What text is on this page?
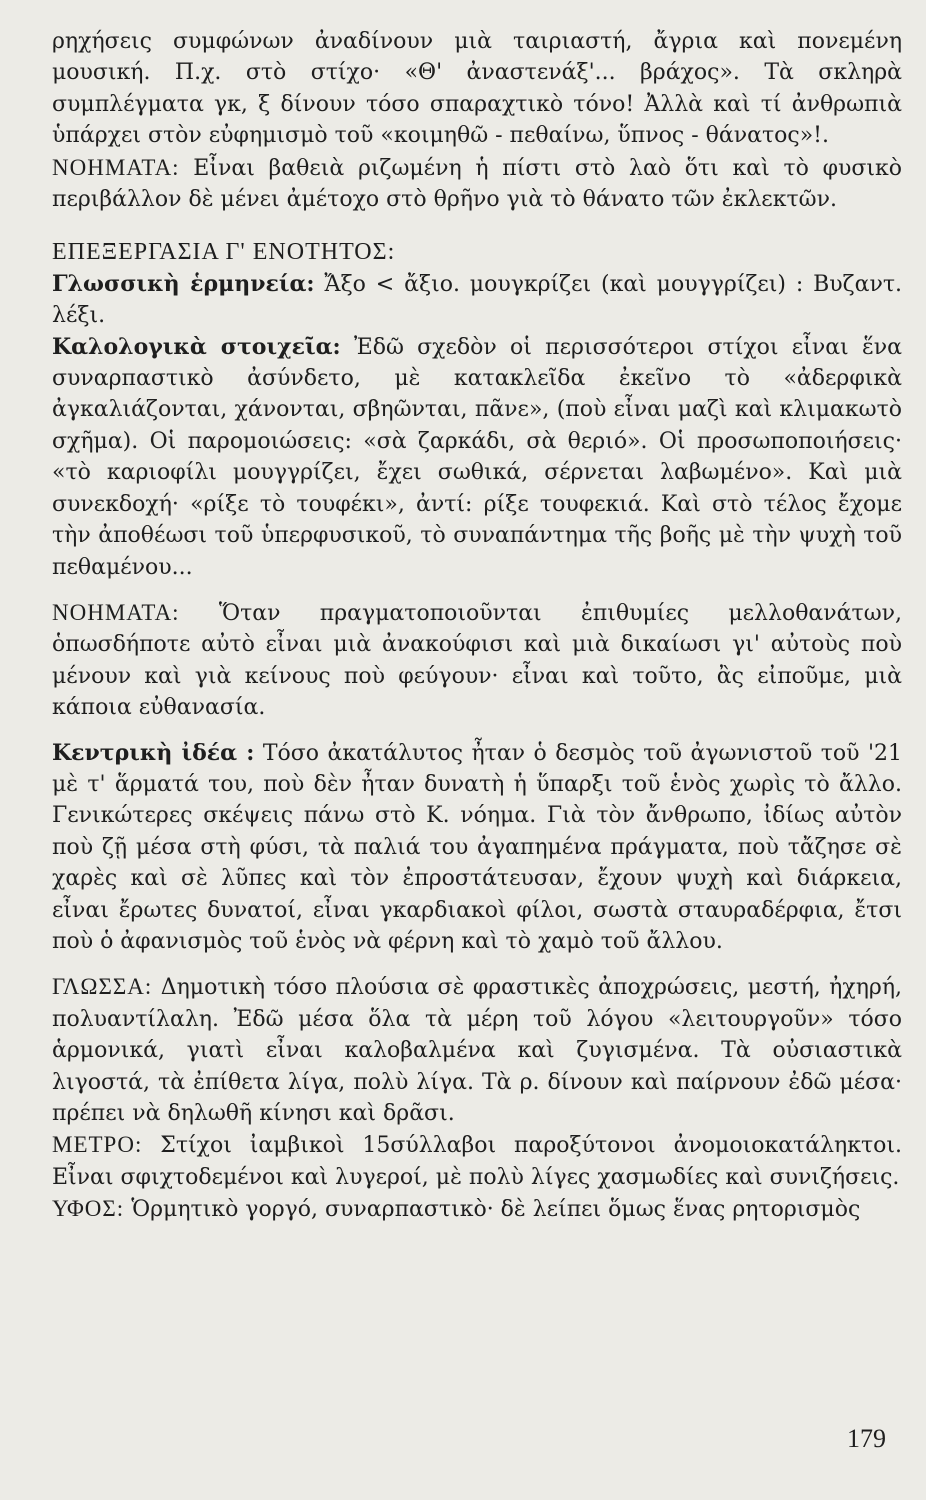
ρηχήσεις συμφώνων ἀναδίνουν μιὰ ταιριαστή, ἄγρια καὶ πονεμένη μουσική. Π.χ. στὸ στίχο· «Θ' ἀναστενάξ'... βράχος». Τὰ σκληρὰ συμπλέγματα γκ, ξ δίνουν τόσο σπαραχτικὸ τόνο! Ἀλλὰ καὶ τί ἀνθρωπιὰ ὑπάρχει στὸν εὐφημισμὸ τοῦ «κοιμηθῶ - πεθαίνω, ὕπνος - θάνατος»!.

ΝΟΗΜΑΤΑ: Εἶναι βαθειὰ ριζωμένη ἡ πίστι στὸ λαὸ ὅτι καὶ τὸ φυσικὸ περιβάλλον δὲ μένει ἀμέτοχο στὸ θρῆνο γιὰ τὸ θάνατο τῶν ἐκλεκτῶν.

ΕΠΕΞΕΡΓΑΣΙΑ Γ' ΕΝΟΤΗΤΟΣ:

Γλωσσικὴ ἑρμηνεία: Ἄξο < ἄξιο. μουγκρίζει (καὶ μουγγρίζει) : Βυζαντ. λέξι.

Καλολογικὰ στοιχεῖα: Ἐδῶ σχεδὸν οἱ περισσότεροι στίχοι εἶναι ἕνα συναρπαστικὸ ἀσύνδετο, μὲ κατακλεῖδα ἐκεῖνο τὸ «ἀδερφικὰ ἀγκαλιάζονται, χάνονται, σβηῶνται, πᾶνε», (ποὺ εἶναι μαζὶ καὶ κλιμακωτὸ σχῆμα). Οἱ παρομοιώσεις: «σὰ ζαρκάδι, σὰ θεριό». Οἱ προσωποποιήσεις· «τὸ καριοφίλι μουγγρίζει, ἔχει σωθικά, σέρνεται λαβωμένο». Καὶ μιὰ συνεκδοχή· «ρίξε τὸ τουφέκι», ἀντί: ρίξε τουφεκιά. Καὶ στὸ τέλος ἔχομε τὴν ἀποθέωσι τοῦ ὑπερφυσικοῦ, τὸ συναπάντημα τῆς βοῆς μὲ τὴν ψυχὴ τοῦ πεθαμένου...

ΝΟΗΜΑΤΑ: Ὅταν πραγματοποιοῦνται ἐπιθυμίες μελλοθανάτων, ὁπωσδήποτε αὐτὸ εἶναι μιὰ ἀνακούφισι καὶ μιὰ δικαίωσι γι' αὐτοὺς ποὺ μένουν καὶ γιὰ κείνους ποὺ φεύγουν· εἶναι καὶ τοῦτο, ἂς εἰποῦμε, μιὰ κάποια εὐθανασία.

Κεντρικὴ ἰδέα : Τόσο ἀκατάλυτος ἦταν ὁ δεσμὸς τοῦ ἀγωνιστοῦ τοῦ '21 μὲ τ' ἅρματά του, ποὺ δὲν ἦταν δυνατὴ ἡ ὕπαρξι τοῦ ἑνὸς χωρὶς τὸ ἄλλο. Γενικώτερες σκέψεις πάνω στὸ Κ. νόημα. Γιὰ τὸν ἄνθρωπο, ἰδίως αὐτὸν ποὺ ζῇ μέσα στὴ φύσι, τὰ παλιά του ἀγαπημένα πράγματα, ποὺ τἄζησε σὲ χαρὲς καὶ σὲ λῦπες καὶ τὸν ἐπροστάτευσαν, ἔχουν ψυχὴ καὶ διάρκεια, εἶναι ἔρωτες δυνατοί, εἶναι γκαρδιακοὶ φίλοι, σωστὰ σταυραδέρφια, ἔτσι ποὺ ὁ ἀφανισμὸς τοῦ ἑνὸς νὰ φέρνη καὶ τὸ χαμὸ τοῦ ἄλλου.

ΓΛΩΣΣΑ: Δημοτικὴ τόσο πλούσια σὲ φραστικὲς ἀποχρώσεις, μεστή, ἠχηρή, πολυαντίλαλη. Ἐδῶ μέσα ὅλα τὰ μέρη τοῦ λόγου «λειτουργοῦν» τόσο ἁρμονικά, γιατὶ εἶναι καλοβαλμένα καὶ ζυγισμένα. Τὰ οὐσιαστικὰ λιγοστά, τὰ ἐπίθετα λίγα, πολὺ λίγα. Τὰ ρ. δίνουν καὶ παίρνουν ἐδῶ μέσα· πρέπει νὰ δηλωθῆ κίνησι καὶ δρᾶσι.

ΜΕΤΡΟ: Στίχοι ἰαμβικοὶ 15σύλλαβοι παροξύτονοι ἀνομοιοκατάληκτοι. Εἶναι σφιχτοδεμένοι καὶ λυγεροί, μὲ πολὺ λίγες χασμωδίες καὶ συνιζήσεις.

ΥΦΟΣ: Ὁρμητικὸ γοργό, συναρπαστικὸ· δὲ λείπει ὅμως ἕνας ρητορισμὸς

179
